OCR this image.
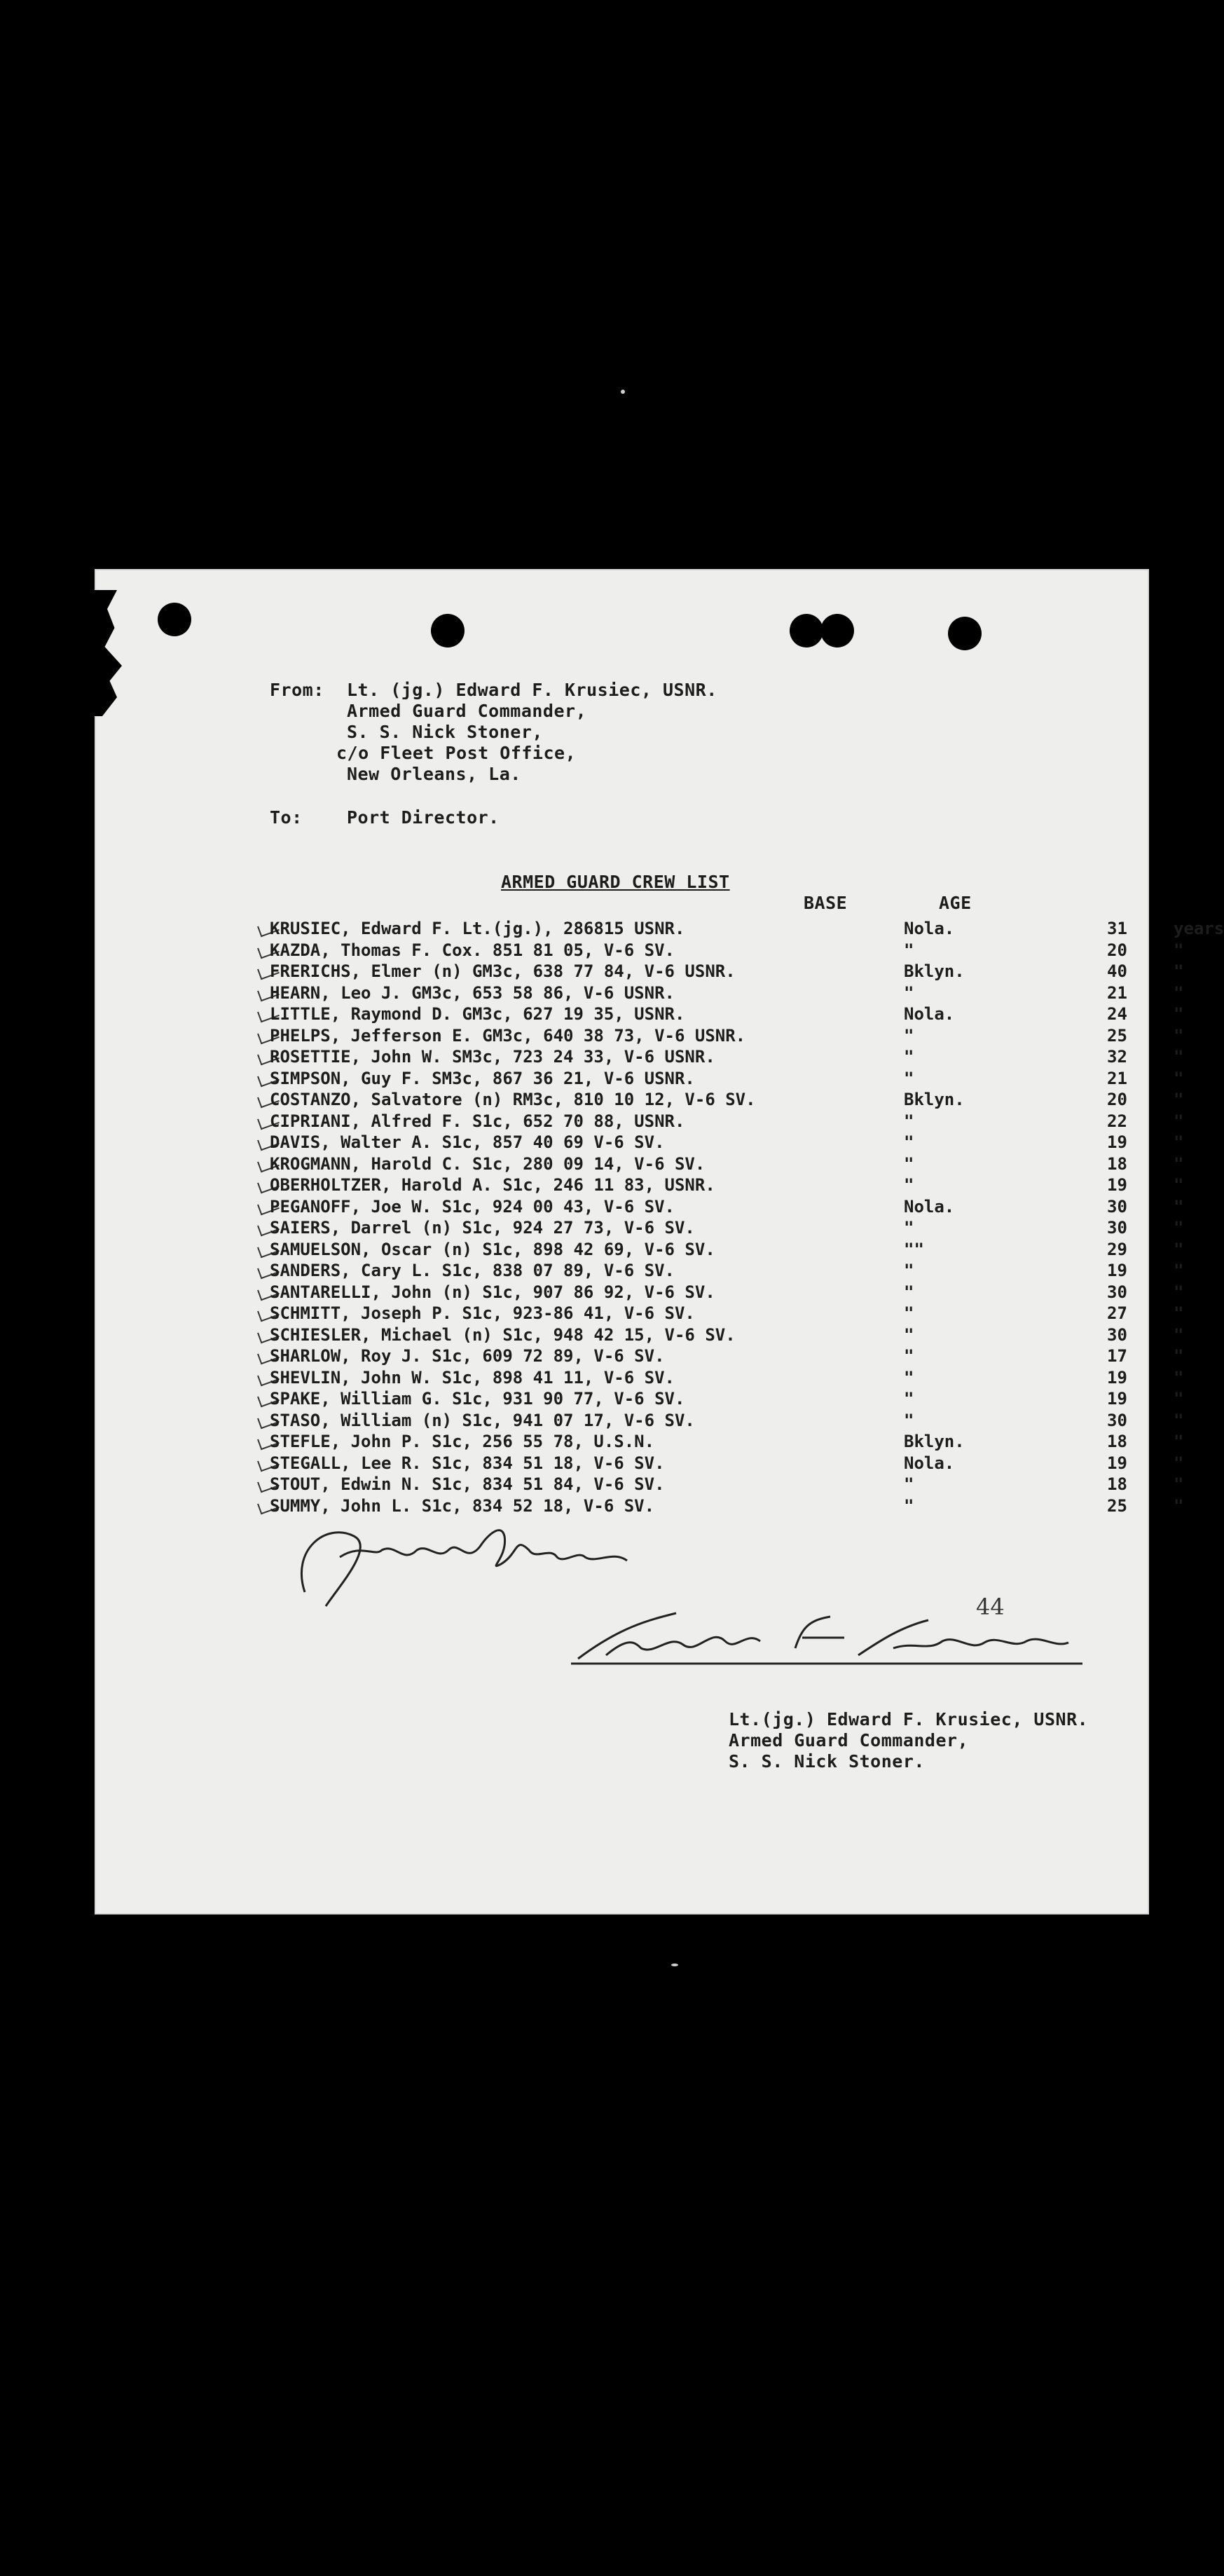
From: Lt. (jg.) Edward F. Krusiec, USNR.
Armed Guard Commander,
S. S. Nick Stoner,
c/o Fleet Post Office,
New Orleans, La.
To:	Port Director.
ARMED GUARD CREW LIST
BASE	AGE
KRUSIEC, Edward F. Lt.(jg.), 286815 USNR.	Nola.	31	years
KAZDA, Thomas F. Cox. 851 81 05, V-6 SV.	"	20	"
FRERICHS, Elmer (n) GM3c, 638 77 84, V-6 USNR.	Bklyn.	40	"
HEARN, Leo J. GM3c, 653 58 86, V-6 USNR.	"	21	"
LITTLE, Raymond D. GM3c, 627 19 35, USNR.	Nola.	24	"
PHELPS, Jefferson E. GM3c, 640 38 73, V-6 USNR.	"	25	"
ROSETTIE, John W. SM3c, 723 24 33, V-6 USNR.	"	32	"
SIMPSON, Guy F. SM3c, 867 36 21, V-6 USNR.	"	21	"
COSTANZO, Salvatore (n) RM3c, 810 10 12, V-6 SV.	Bklyn.	20	"
CIPRIANI, Alfred F. S1c, 652 70 88, USNR.	"	22	"
DAVIS, Walter A. S1c, 857 40 69 V-6 SV.	"	19	"
KROGMANN, Harold C. S1c, 280 09 14, V-6 SV.	"	18	"
OBERHOLTZER, Harold A. S1c, 246 11 83, USNR.	"	19	"
PEGANOFF, Joe W. S1c, 924 00 43, V-6 SV.	Nola.	30	"
SAIERS, Darrel (n) S1c, 924 27 73, V-6 SV.	"	30	"
SAMUELSON, Oscar (n) S1c, 898 42 69, V-6 SV.	""	29	"
SANDERS, Cary L. S1c, 838 07 89, V-6 SV.	"	19	"
SANTARELLI, John (n) S1c, 907 86 92, V-6 SV.	"	30	"
SCHMITT, Joseph P. S1c, 923-86 41, V-6 SV.	"	27	"
SCHIESLER, Michael (n) S1c, 948 42 15, V-6 SV.	"	30	"
SHARLOW, Roy J. S1c, 609 72 89, V-6 SV.	"	17	"
SHEVLIN, John W. S1c, 898 41 11, V-6 SV.	"	19	"
SPAKE, William G. S1c, 931 90 77, V-6 SV.	"	19	"
STASO, William (n) S1c, 941 07 17, V-6 SV.	"	30	"
STEFLE, John P. S1c, 256 55 78, U.S.N.	Bklyn.	18	"
STEGALL, Lee R. S1c, 834 51 18, V-6 SV.	Nola.	19	"
STOUT, Edwin N. S1c, 834 51 84, V-6 SV.	"	18	"
SUMMY, John L. S1c, 834 52 18, V-6 SV.	"	25	"
44
Lt.(jg.) Edward F. Krusiec, USNR.
Armed Guard Commander,
S. S. Nick Stoner.
